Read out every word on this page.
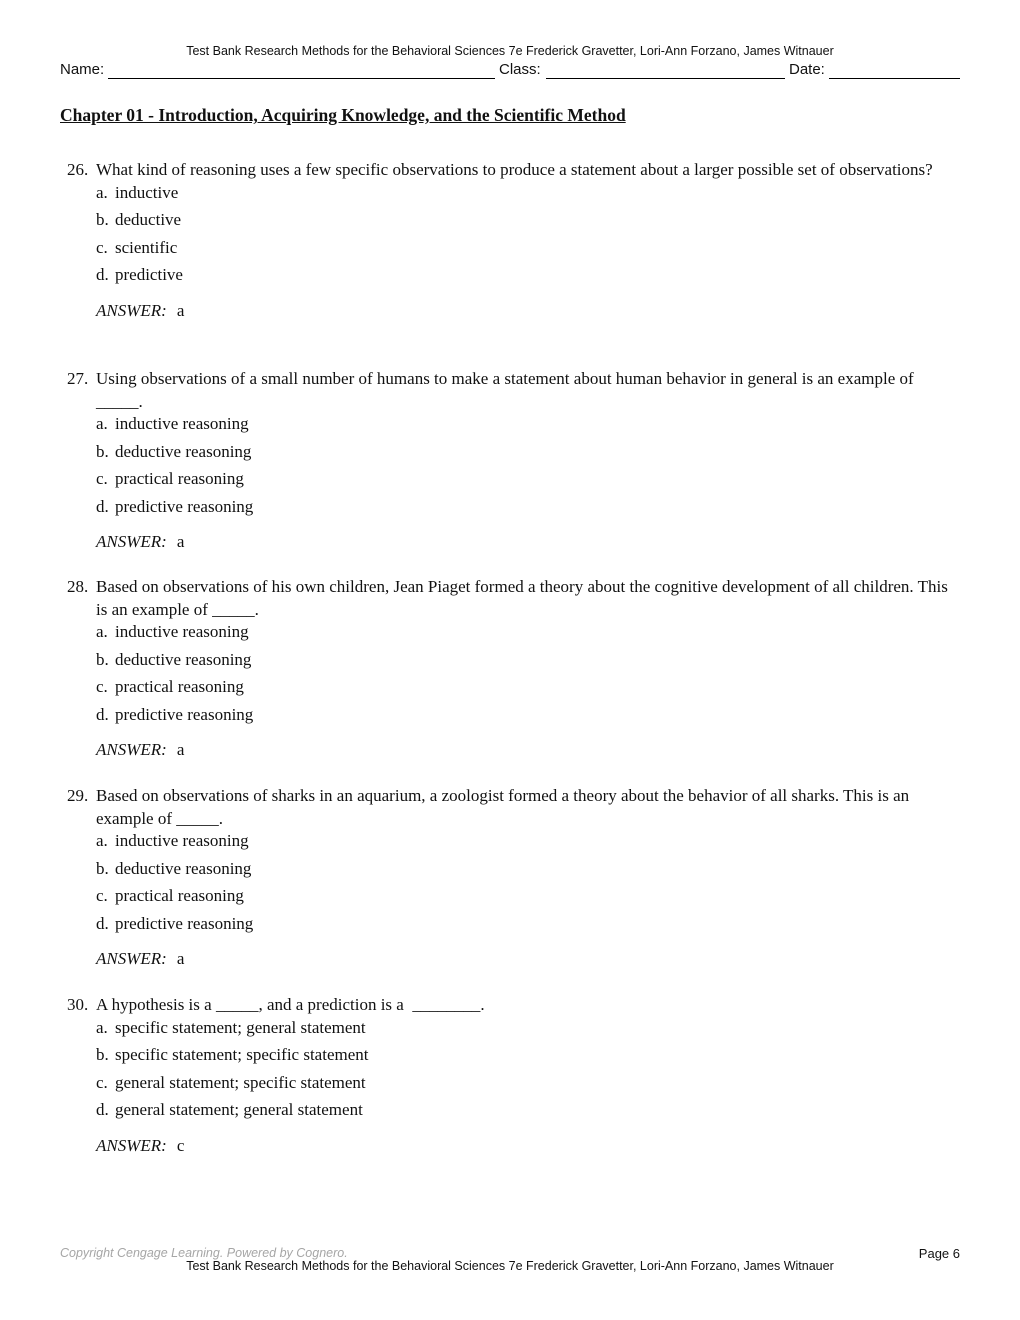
Test Bank Research Methods for the Behavioral Sciences 7e Frederick Gravetter, Lori-Ann Forzano, James Witnauer
Name:	Class:	Date:
Chapter 01 - Introduction, Acquiring Knowledge, and the Scientific Method
26. What kind of reasoning uses a few specific observations to produce a statement about a larger possible set of observations?
a. inductive
b. deductive
c. scientific
d. predictive
ANSWER: a
27. Using observations of a small number of humans to make a statement about human behavior in general is an example of _____.
a. inductive reasoning
b. deductive reasoning
c. practical reasoning
d. predictive reasoning
ANSWER: a
28. Based on observations of his own children, Jean Piaget formed a theory about the cognitive development of all children. This is an example of _____.
a. inductive reasoning
b. deductive reasoning
c. practical reasoning
d. predictive reasoning
ANSWER: a
29. Based on observations of sharks in an aquarium, a zoologist formed a theory about the behavior of all sharks. This is an example of _____.
a. inductive reasoning
b. deductive reasoning
c. practical reasoning
d. predictive reasoning
ANSWER: a
30. A hypothesis is a _____, and a prediction is a  ________.
a. specific statement; general statement
b. specific statement; specific statement
c. general statement; specific statement
d. general statement; general statement
ANSWER: c
Copyright Cengage Learning. Powered by Cognero.	Page 6
Test Bank Research Methods for the Behavioral Sciences 7e Frederick Gravetter, Lori-Ann Forzano, James Witnauer
